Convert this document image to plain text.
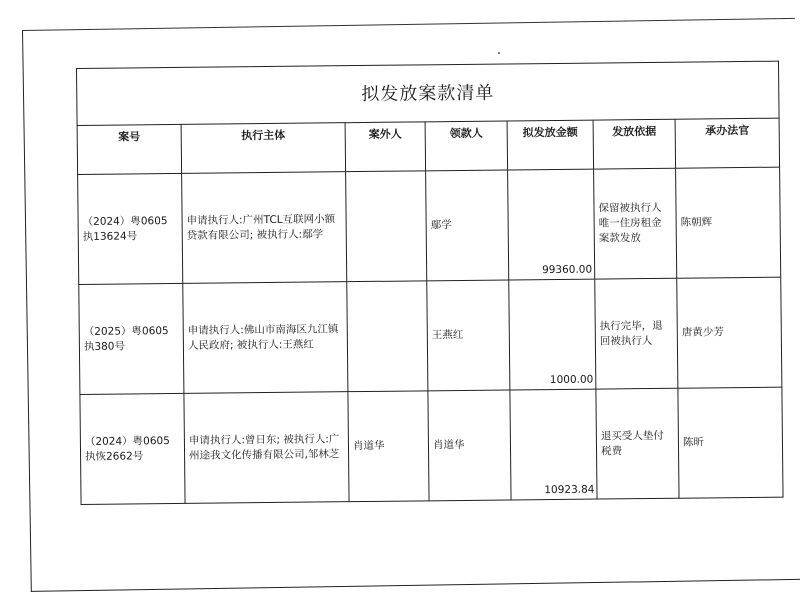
拟发放案款清单						
案号	执行主体	案外人	领款人	拟发放金额	发放依据	承办法官
（2024）粤0605执13624号	申请执行人:广州TCL互联网小额贷款有限公司; 被执行人:鄢学		鄢学	99360.00	保留被执行人唯一住房租金案款发放	陈朝辉
（2025）粤0605执380号	申请执行人:佛山市南海区九江镇人民政府; 被执行人:王燕红		王燕红	1000.00	执行完毕，退回被执行人	唐黄少芳
（2024）粤0605执恢2662号	申请执行人:曾日东; 被执行人:广州途我文化传播有限公司,邹林芝	肖道华	肖道华	10923.84	退买受人垫付税费	陈昕
